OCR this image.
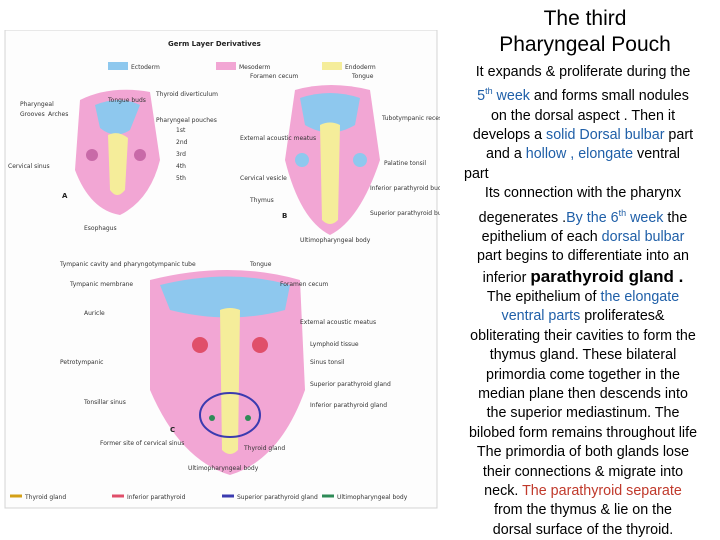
Germ Layer Derivatives
Ectoderm	Mesoderm	Endoderm
A
Pharyngeal
Grooves Arches
Tongue buds
Thyroid diverticulum
Pharyngeal pouches
1st
2nd
3rd
4th
5th
Cervical sinus
Esophagus
B
Foramen cecum	Tongue
Tubotympanic recess
External acoustic meatus
Palatine tonsil
Cervical vesicle
Thymus
Inferior parathyroid bud
Superior parathyroid bu
Ultimopharyngeal body
C
Tympanic cavity and pharyngotympanic tube	Tongue
Tympanic membrane	Foramen cecum
Auricle
External acoustic meatus
Lymphoid tissue
Petrotympanic	Sinus tonsil
Superior parathyroid gland
Tonsillar sinus	Inferior parathyroid gland
Former site of cervical sinus
Thyroid gland
Ultimopharyngeal body
Thyroid gland	Inferior parathyroid	Superior parathyroid gland	Ultimopharyngeal body
The third
Pharyngeal Pouch
It expands & proliferate during the
5th week and forms small nodules
on the dorsal aspect . Then it
develops a solid Dorsal bulbar part
and a hollow , elongate ventral
part
Its connection with the pharynx
degenerates .By the 6th week the
epithelium of each dorsal bulbar
part begins to differentiate into an
inferior parathyroid gland .
The epithelium of the elongate
ventral parts proliferates&
obliterating their cavities to form the
thymus gland. These bilateral
primordia come together in the
median plane then descends into
the superior mediastinum. The
bilobed form remains throughout life
The primordia of both glands lose
their connections & migrate into
neck. The parathyroid separate
from the thymus & lie on the
dorsal surface of the thyroid.
